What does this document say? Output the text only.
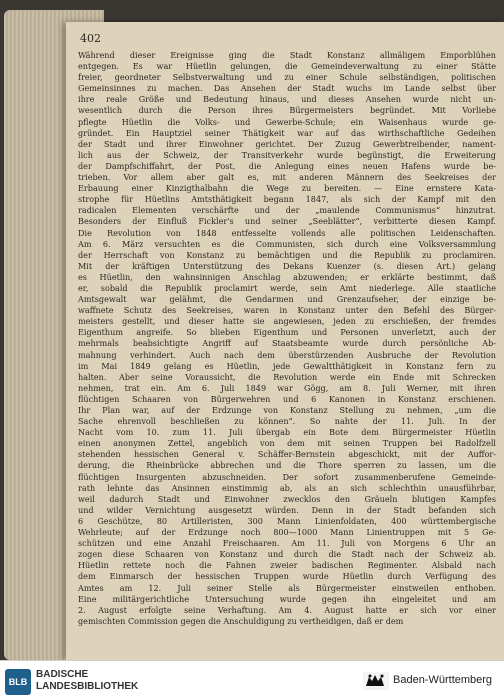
402
Während dieser Ereignisse ging die Stadt Konstanz allmäligem Emporblühen
entgegen. Es war Hüetlin gelungen, die Gemeindeverwaltung zu einer Stätte
freier, geordneter Selbstverwaltung und zu einer Schule selbständigen, politischen
Gemeinsinnes zu machen. Das Ansehen der Stadt wuchs im Lande selbst über
ihre reale Größe und Bedeutung hinaus, und dieses Ansehen wurde nicht un-
wesentlich durch die Person ihres Bürgermeisters begründet. Mit Vorliebe
pflegte Hüetlin die Volks- und Gewerbe-Schule; ein Waisenhaus wurde ge-
gründet. Ein Hauptziel seiner Thätigkeit war auf das wirthschaftliche Gedeihen
der Stadt und ihrer Einwohner gerichtet. Der Zuzug Gewerbtreibender, nament-
lich aus der Schweiz, der Transitverkehr wurde begünstigt, die Erweiterung
der Dampfschiffahrt, der Post, die Anlegung eines neuen Hafens wurde be-
trieben. Vor allem aber galt es, mit anderen Männern des Seekreises der
Erbauung einer Kinzigthalbahn die Wege zu bereiten. — Eine ernstere Kata-
strophe für Hüetlins Amtsthätigkeit begann 1847, als sich der Kampf mit den
radicalen Elementen verschärfte und der „maulende Communismus“ hinzutrat.
Besonders der Einfluß Fickler's und seiner „Seeblätter“, verbitterte diesen Kampf.
Die Revolution von 1848 entfesselte vollends alle politischen Leidenschaften.
Am 6. März versuchten es die Communisten, sich durch eine Volksversammlung
der Herrschaft von Konstanz zu bemächtigen und die Republik zu proclamiren.
Mit der kräftigen Unterstützung des Dekans Kuenzer (s. diesen Art.) gelang
es Hüetlin, den wahnsinnigen Anschlag abzuwenden; er erklärte bestimmt, daß
er, sobald die Republik proclamirt werde, sein Amt niederlege. Alle staatliche
Amtsgewalt war gelähmt, die Gendarmen und Grenzaufseher, der einzige be-
waffnete Schutz des Seekreises, waren in Konstanz unter den Befehl des Bürger-
meisters gestellt, und dieser hatte sie angewiesen, jeden zu erschießen, der fremdes
Eigenthum angreife. So blieben Eigenthum und Personen unverletzt, auch der
mehrmals beabsichtigte Angriff auf Staatsbeamte wurde durch persönliche Ab-
mahnung verhindert. Auch nach dem überstürzenden Ausbruche der Revolution
im Mai 1849 gelang es Hüetlin, jede Gewaltthätigkeit in Konstanz fern zu
halten. Aber seine Voraussicht, die Revolution werde ein Ende mit Schrecken
nehmen, trat ein. Am 6. Juli 1849 war Gögg, am 8. Juli Werner, mit ihren
flüchtigen Schaaren von Bürgerwehren und 6 Kanonen in Konstanz erschienen.
Ihr Plan war, auf der Erdzunge von Konstanz Stellung zu nehmen, „um die
Sache ehrenvoll beschließen zu können“. So nahte der 11. Juli. In der
Nacht vom 10. zum 11. Juli übergab ein Bote dem Bürgermeister Hüetlin
einen anonymen Zettel, angeblich von dem mit seinen Truppen bei Radolfzell
stehenden hessischen General v. Schäffer-Bernstein abgeschickt, mit der Auffor-
derung, die Rheinbrücke abbrechen und die Thore sperren zu lassen, um die
flüchtigen Insurgenten abzuschneiden. Der sofort zusammenberufene Gemeinde-
rath lehnte das Ansinnen einstimmig ab, als an sich schlechthin unausführbar,
weil dadurch Stadt und Einwohner zwecklos den Gräueln blutigen Kampfes
und wilder Vernichtung ausgesetzt würden. Denn in der Stadt befanden sich
6 Geschütze, 80 Artilleristen, 300 Mann Linienfoldaten, 400 württembergische
Wehrleute; auf der Erdzunge noch 800—1000 Mann Linientruppen mit 5 Ge-
schützen und eine Anzahl Freischaaren. Am 11. Juli von Morgens 6 Uhr an
zogen diese Schaaren von Konstanz und durch die Stadt nach der Schweiz ab.
Hüetlin rettete noch die Fahnen zweier badischen Regimenter. Alsbald nach
dem Einmarsch der hessischen Truppen wurde Hüetlin durch Verfügung des
Amtes am 12. Juli seiner Stelle als Bürgermeister einstweilen enthoben.
Eine militärgerichtliche Untersuchung wurde gegen ihn eingeleitet und am
2. August erfolgte seine Verhaftung. Am 4. August hatte er sich vor einer
gemischten Commission gegen die Anschuldigung zu vertheidigen, daß er dem
BLB
BADISCHE
LANDESBIBLIOTHEK
Baden-Württemberg
